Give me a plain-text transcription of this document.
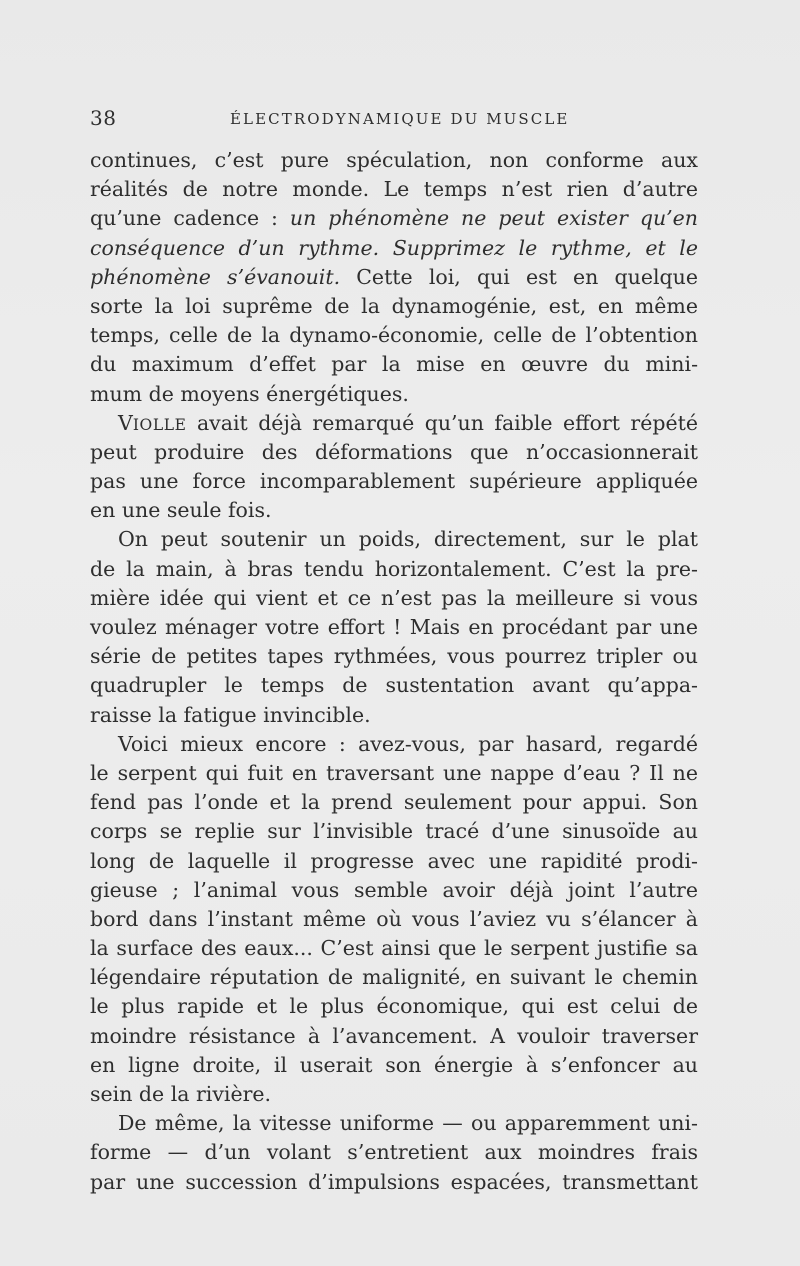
38	ÉLECTRODYNAMIQUE DU MUSCLE
continues, c’est pure spéculation, non conforme aux
réalités de notre monde. Le temps n’est rien d’autre
qu’une cadence : un phénomène ne peut exister qu’en
conséquence d’un rythme. Supprimez le rythme, et le
phénomène s’évanouit. Cette loi, qui est en quelque
sorte la loi suprême de la dynamogénie, est, en même
temps, celle de la dynamo-économie, celle de l’obtention
du maximum d’effet par la mise en œuvre du mini-
mum de moyens énergétiques.
VIOLLE avait déjà remarqué qu’un faible effort répété
peut produire des déformations que n’occasionnerait
pas une force incomparablement supérieure appliquée
en une seule fois.
On peut soutenir un poids, directement, sur le plat
de la main, à bras tendu horizontalement. C’est la pre-
mière idée qui vient et ce n’est pas la meilleure si vous
voulez ménager votre effort ! Mais en procédant par une
série de petites tapes rythmées, vous pourrez tripler ou
quadrupler le temps de sustentation avant qu’appa-
raisse la fatigue invincible.
Voici mieux encore : avez-vous, par hasard, regardé
le serpent qui fuit en traversant une nappe d’eau ? Il ne
fend pas l’onde et la prend seulement pour appui. Son
corps se replie sur l’invisible tracé d’une sinusoïde au
long de laquelle il progresse avec une rapidité prodi-
gieuse ; l’animal vous semble avoir déjà joint l’autre
bord dans l’instant même où vous l’aviez vu s’élancer à
la surface des eaux... C’est ainsi que le serpent justifie sa
légendaire réputation de malignité, en suivant le chemin
le plus rapide et le plus économique, qui est celui de
moindre résistance à l’avancement. A vouloir traverser
en ligne droite, il userait son énergie à s’enfoncer au
sein de la rivière.
De même, la vitesse uniforme — ou apparemment uni-
forme — d’un volant s’entretient aux moindres frais
par une succession d’impulsions espacées, transmettant
